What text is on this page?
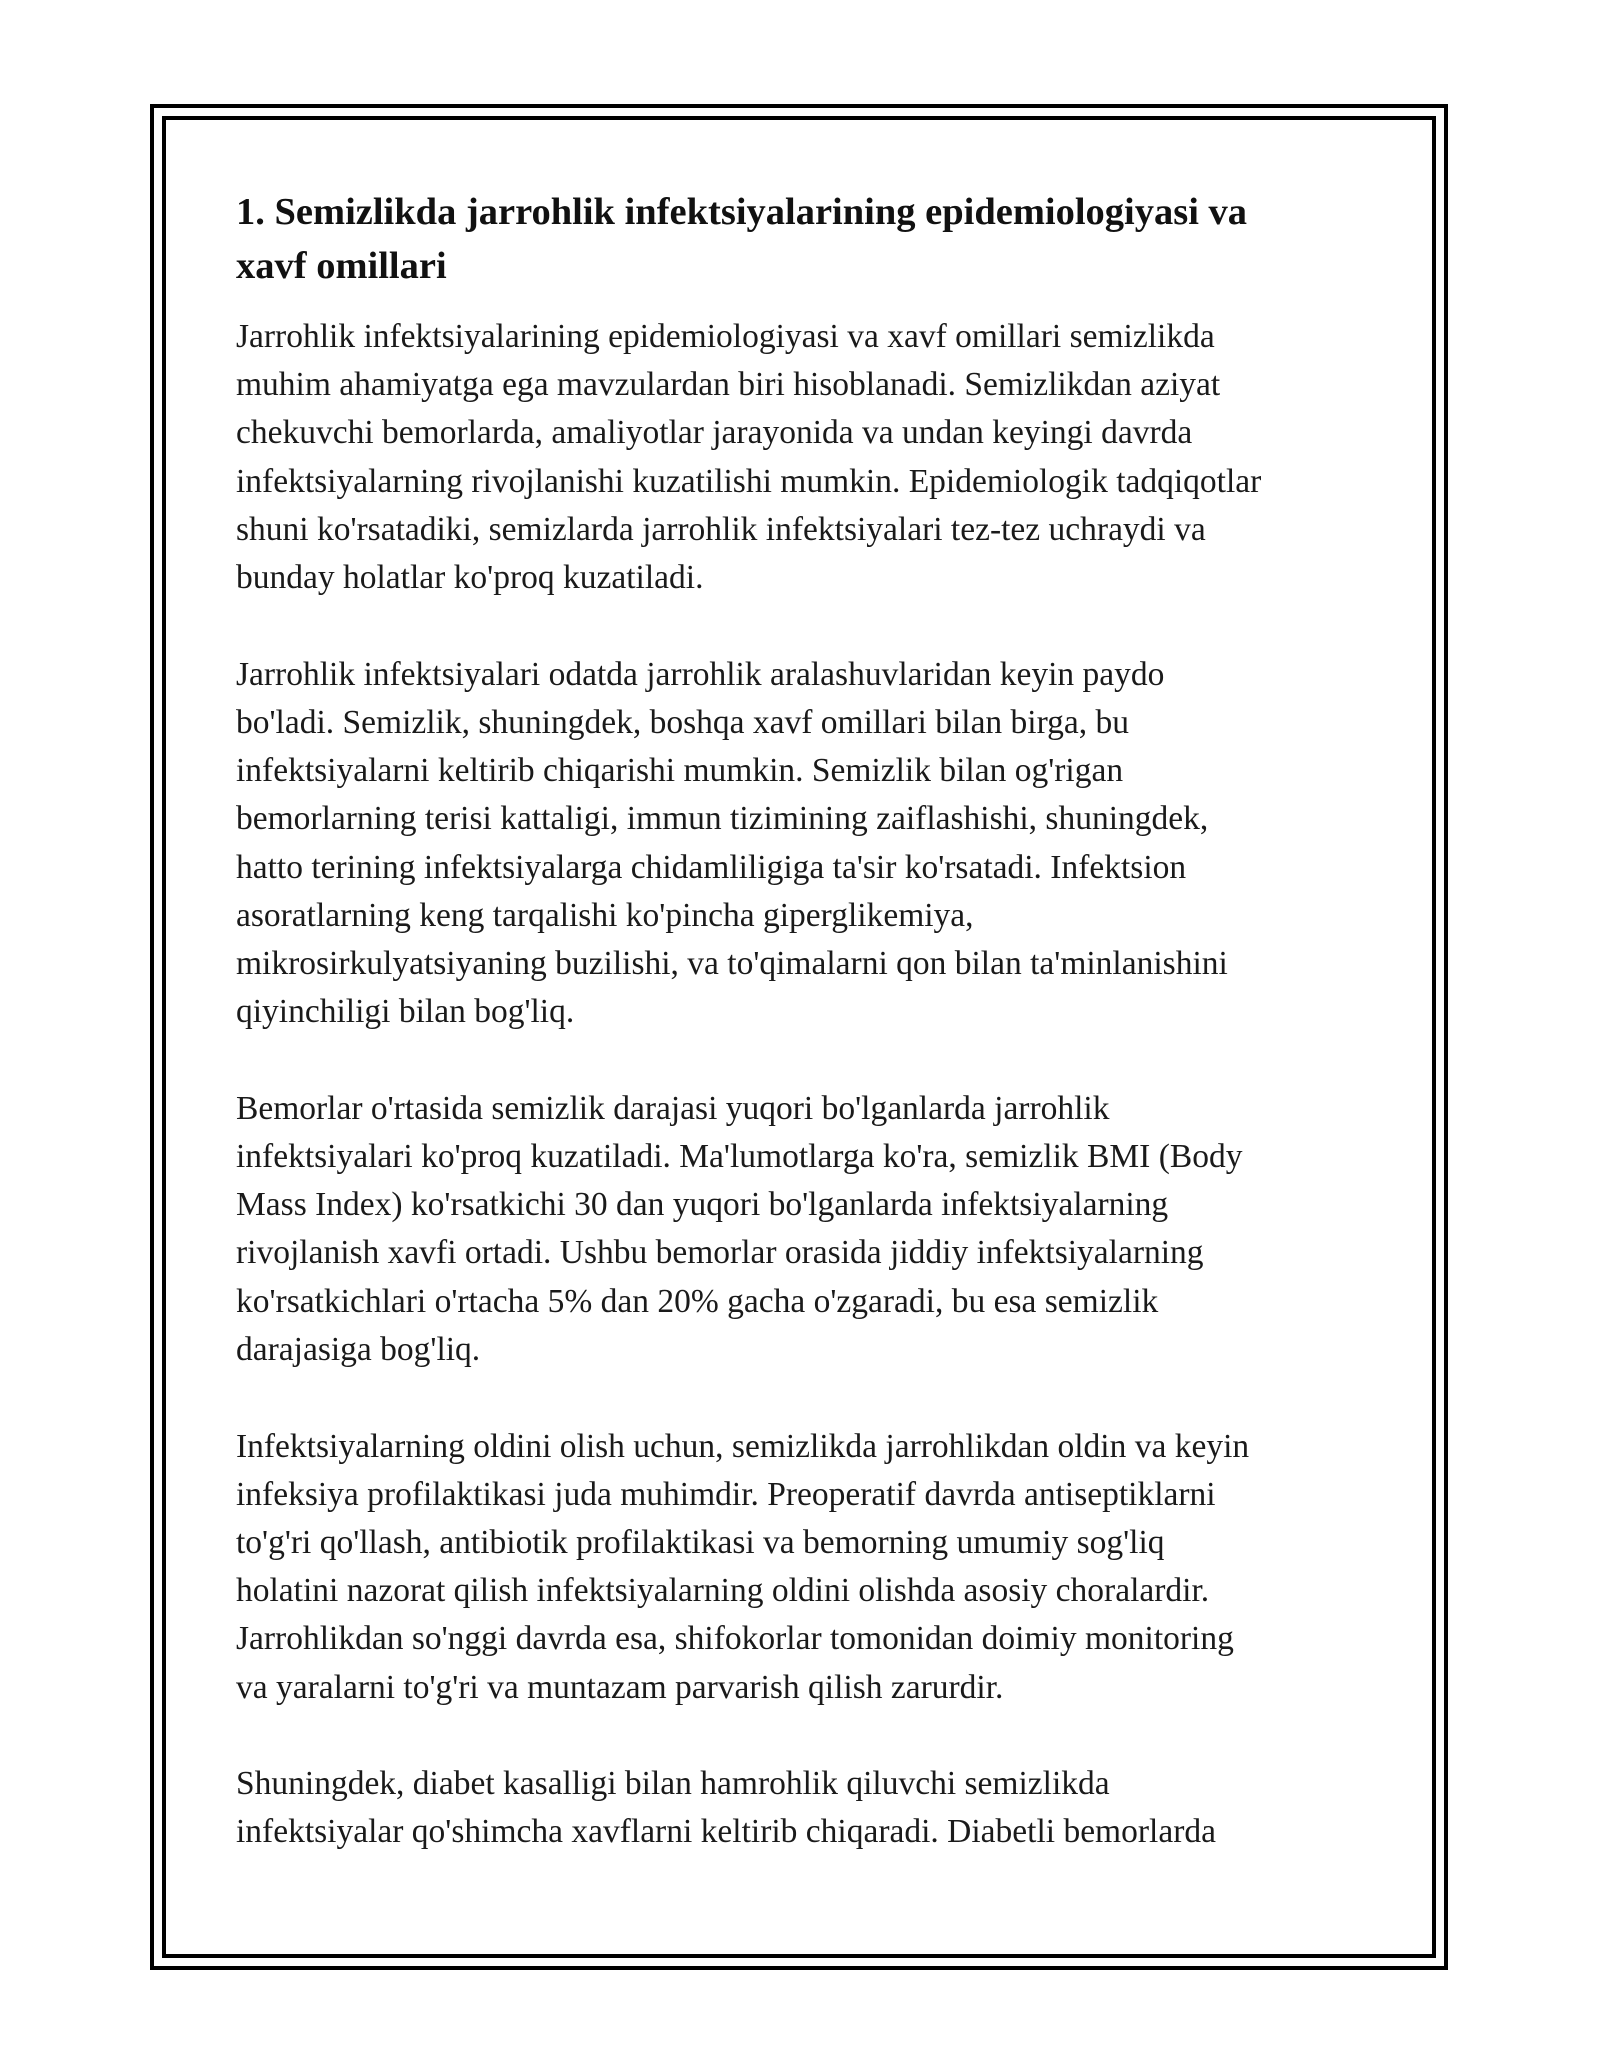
1. Semizlikda jarrohlik infektsiyalarining epidemiologiyasi va
xavf omillari

Jarrohlik infektsiyalarining epidemiologiyasi va xavf omillari semizlikda
muhim ahamiyatga ega mavzulardan biri hisoblanadi. Semizlikdan aziyat
chekuvchi bemorlarda, amaliyotlar jarayonida va undan keyingi davrda
infektsiyalarning rivojlanishi kuzatilishi mumkin. Epidemiologik tadqiqotlar
shuni ko'rsatadiki, semizlarda jarrohlik infektsiyalari tez-tez uchraydi va
bunday holatlar ko'proq kuzatiladi.

Jarrohlik infektsiyalari odatda jarrohlik aralashuvlaridan keyin paydo
bo'ladi. Semizlik, shuningdek, boshqa xavf omillari bilan birga, bu
infektsiyalarni keltirib chiqarishi mumkin. Semizlik bilan og'rigan
bemorlarning terisi kattaligi, immun tizimining zaiflashishi, shuningdek,
hatto terining infektsiyalarga chidamliligiga ta'sir ko'rsatadi. Infektsion
asoratlarning keng tarqalishi ko'pincha giperglikemiya,
mikrosirkulyatsiyaning buzilishi, va to'qimalarni qon bilan ta'minlanishini
qiyinchiligi bilan bog'liq.

Bemorlar o'rtasida semizlik darajasi yuqori bo'lganlarda jarrohlik
infektsiyalari ko'proq kuzatiladi. Ma'lumotlarga ko'ra, semizlik BMI (Body
Mass Index) ko'rsatkichi 30 dan yuqori bo'lganlarda infektsiyalarning
rivojlanish xavfi ortadi. Ushbu bemorlar orasida jiddiy infektsiyalarning
ko'rsatkichlari o'rtacha 5% dan 20% gacha o'zgaradi, bu esa semizlik
darajasiga bog'liq.

Infektsiyalarning oldini olish uchun, semizlikda jarrohlikdan oldin va keyin
infeksiya profilaktikasi juda muhimdir. Preoperatif davrda antiseptiklarni
to'g'ri qo'llash, antibiotik profilaktikasi va bemorning umumiy sog'liq
holatini nazorat qilish infektsiyalarning oldini olishda asosiy choralardir.
Jarrohlikdan so'nggi davrda esa, shifokorlar tomonidan doimiy monitoring
va yaralarni to'g'ri va muntazam parvarish qilish zarurdir.

Shuningdek, diabet kasalligi bilan hamrohlik qiluvchi semizlikda
infektsiyalar qo'shimcha xavflarni keltirib chiqaradi. Diabetli bemorlarda
